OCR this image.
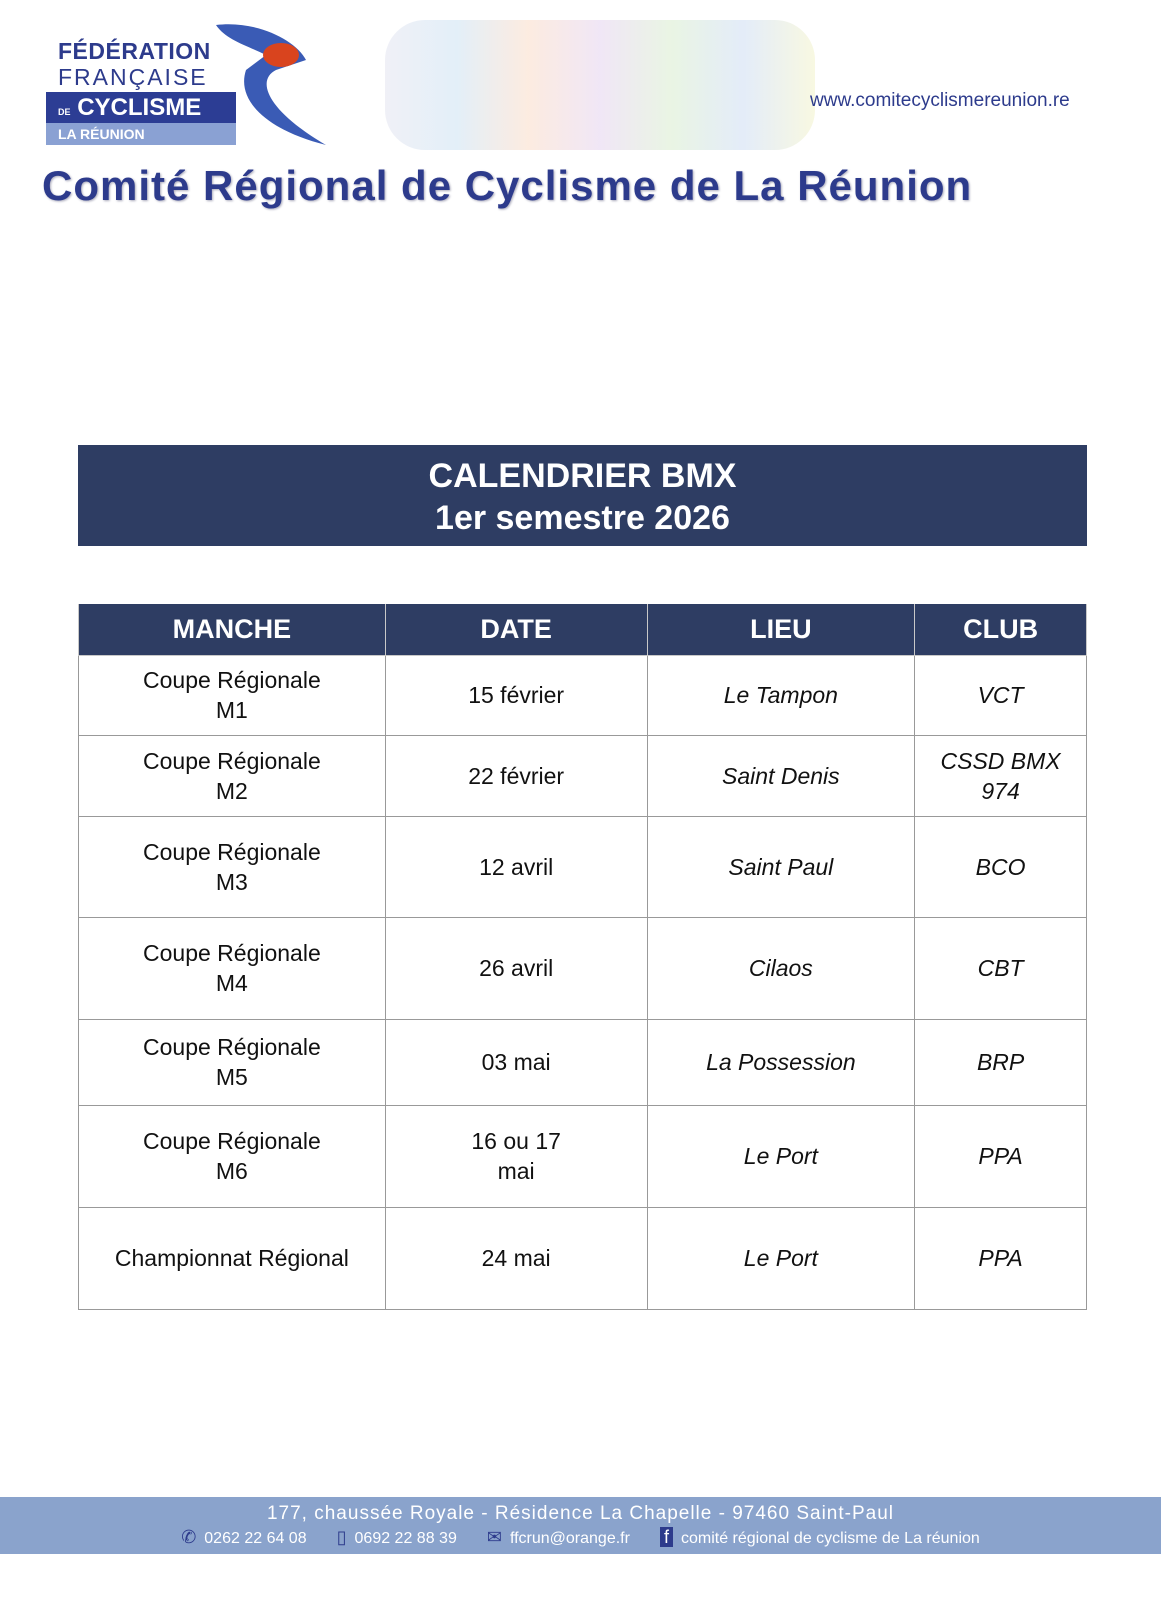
FÉDÉRATION
FRANÇAISE
DE CYCLISME
LA RÉUNION
www.comitecyclismereunion.re
Comité Régional de Cyclisme de La Réunion
CALENDRIER BMX
1er semestre 2026
MANCHE	DATE	LIEU	CLUB
Coupe Régionale M1	15 février	Le Tampon	VCT
Coupe Régionale M2	22 février	Saint Denis	CSSD BMX 974
Coupe Régionale M3	12 avril	Saint Paul	BCO
Coupe Régionale M4	26 avril	Cilaos	CBT
Coupe Régionale M5	03 mai	La Possession	BRP
Coupe Régionale M6	16 ou 17 mai	Le Port	PPA
Championnat Régional	24 mai	Le Port	PPA
177, chaussée Royale - Résidence La Chapelle - 97460 Saint-Paul
✆ 0262 22 64 08 ▯ 0692 22 88 39 ✉ ffcrun@orange.fr f comité régional de cyclisme de La réunion
